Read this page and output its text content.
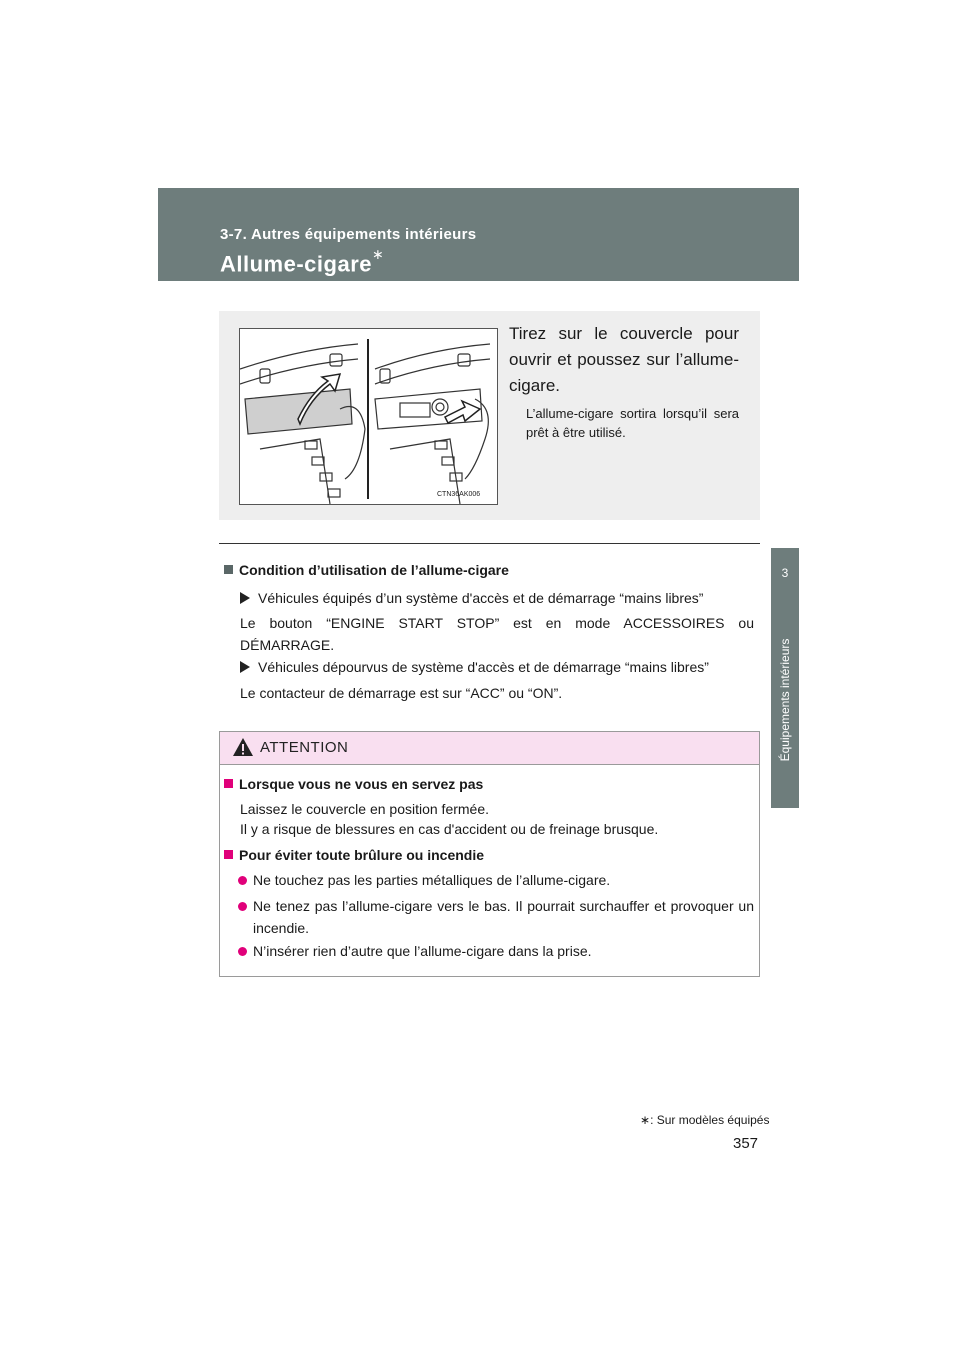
3-7. Autres équipements intérieurs
Allume-cigare∗
3
Équipements intérieurs
CTN36AK006
Tirez sur le couvercle pour ouvrir et poussez sur l’allume-cigare.
L’allume-cigare sortira lorsqu’il sera prêt à être utilisé.
Condition d’utilisation de l’allume-cigare
Véhicules équipés d’un système d'accès et de démarrage “mains libres”
Le bouton “ENGINE START STOP” est en mode ACCESSOIRES ou DÉMARRAGE.
Véhicules dépourvus de système d'accès et de démarrage “mains libres”
Le contacteur de démarrage est sur “ACC” ou “ON”.
ATTENTION
Lorsque vous ne vous en servez pas
Laissez le couvercle en position fermée.
Il y a risque de blessures en cas d'accident ou de freinage brusque.
Pour éviter toute brûlure ou incendie
Ne touchez pas les parties métalliques de l’allume-cigare.
Ne tenez pas l’allume-cigare vers le bas. Il pourrait surchauffer et provoquer un incendie.
N’insérer rien d’autre que l’allume-cigare dans la prise.
∗: Sur modèles équipés
357
